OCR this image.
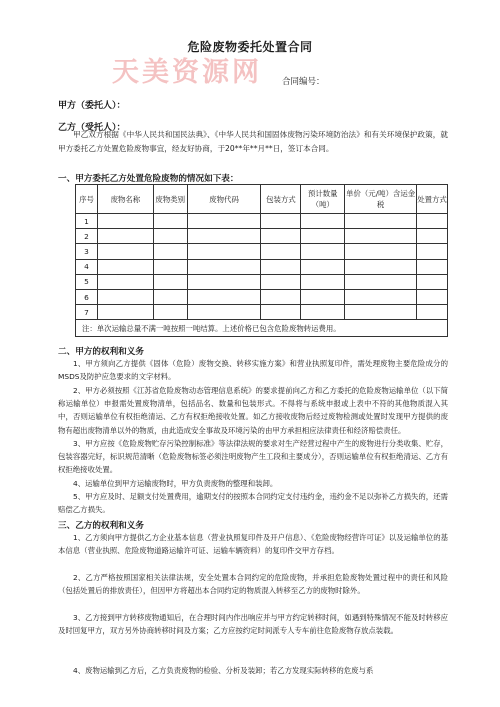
天美资源网
危险废物委托处置合同
合同编号：
甲方（委托人）：
乙方（受托人）：

甲乙双方根据《中华人民共和国民法典》、《中华人民共和国固体废物污染环境防治法》和有关环境保护政策，就甲方委托乙方处置危险废物事宜，经友好协商，于20**年**月**日，签订本合同。

一、甲方委托乙方处置危险废物的情况如下表：
序号	废物名称	废物类别	废物代码	包装方式	预计数量（吨）	单价（元/吨）含运金税	处置方式
1							
2							
3							
4							
5							
6							
7							
注：单次运输总量不满一吨按照一吨结算。上述价格已包含危险废物转运费用。							
二、甲方的权利和义务

1、甲方须向乙方提供《固体（危险）废物交换、转移实施方案》和营业执照复印件，需处理废物主要危险成分的MSDS及防护应急要求的文字材料。

2、甲方必须按照《江苏省危险废物动态管理信息系统》的要求提前向乙方和乙方委托的危险废物运输单位（以下简称运输单位）申报需处置废物清单，包括品名、数量和包装形式。不得将与系统申报或上表中不符的其他物质混入其中，否则运输单位有权拒绝清运、乙方有权拒绝接收处置。如乙方接收废物后经过废物检测或处置时发现甲方提供的废物有超出废物清单以外的物质，由此造成安全事故及环境污染的由甲方承担相应法律责任和经济赔偿责任。

3、甲方应按《危险废物贮存污染控制标准》等法律法规的要求对生产经营过程中产生的废物进行分类收集、贮存，包装容器完好，标识规范清晰（危险废物标签必须注明废物产生工段和主要成分），否则运输单位有权拒绝清运、乙方有权拒绝接收处置。

4、运输单位到甲方运输废物时，甲方负责废物的整理和装卸。

5、甲方应及时、足额支付处置费用，逾期支付的按照本合同约定支付违约金，违约金不足以弥补乙方损失的，还需赔偿乙方损失。

三、乙方的权利和义务

1、乙方须向甲方提供乙方企业基本信息（营业执照复印件及开户信息）、《危险废物经营许可证》以及运输单位的基本信息（营业执照、危险废物道路运输许可证、运输车辆资料）的复印件交甲方存档。

2、乙方严格按照国家相关法律法规，安全处置本合同约定的危险废物，并承担危险废物处置过程中的责任和风险（包括处置后的排放责任），但因甲方将超出本合同约定的物质混入转移至乙方的废物时除外。

3、乙方接到甲方转移废物通知后，在合理时间内作出响应并与甲方约定转移时间，如遇到特殊情况不能及时转移应及时回复甲方，双方另外协商转移时间及方案；乙方应按约定时间派专人专车前往危险废物存放点装载。

4、废物运输到乙方后，乙方负责废物的检验、分析及装卸；若乙方发现实际转移的危废与系
